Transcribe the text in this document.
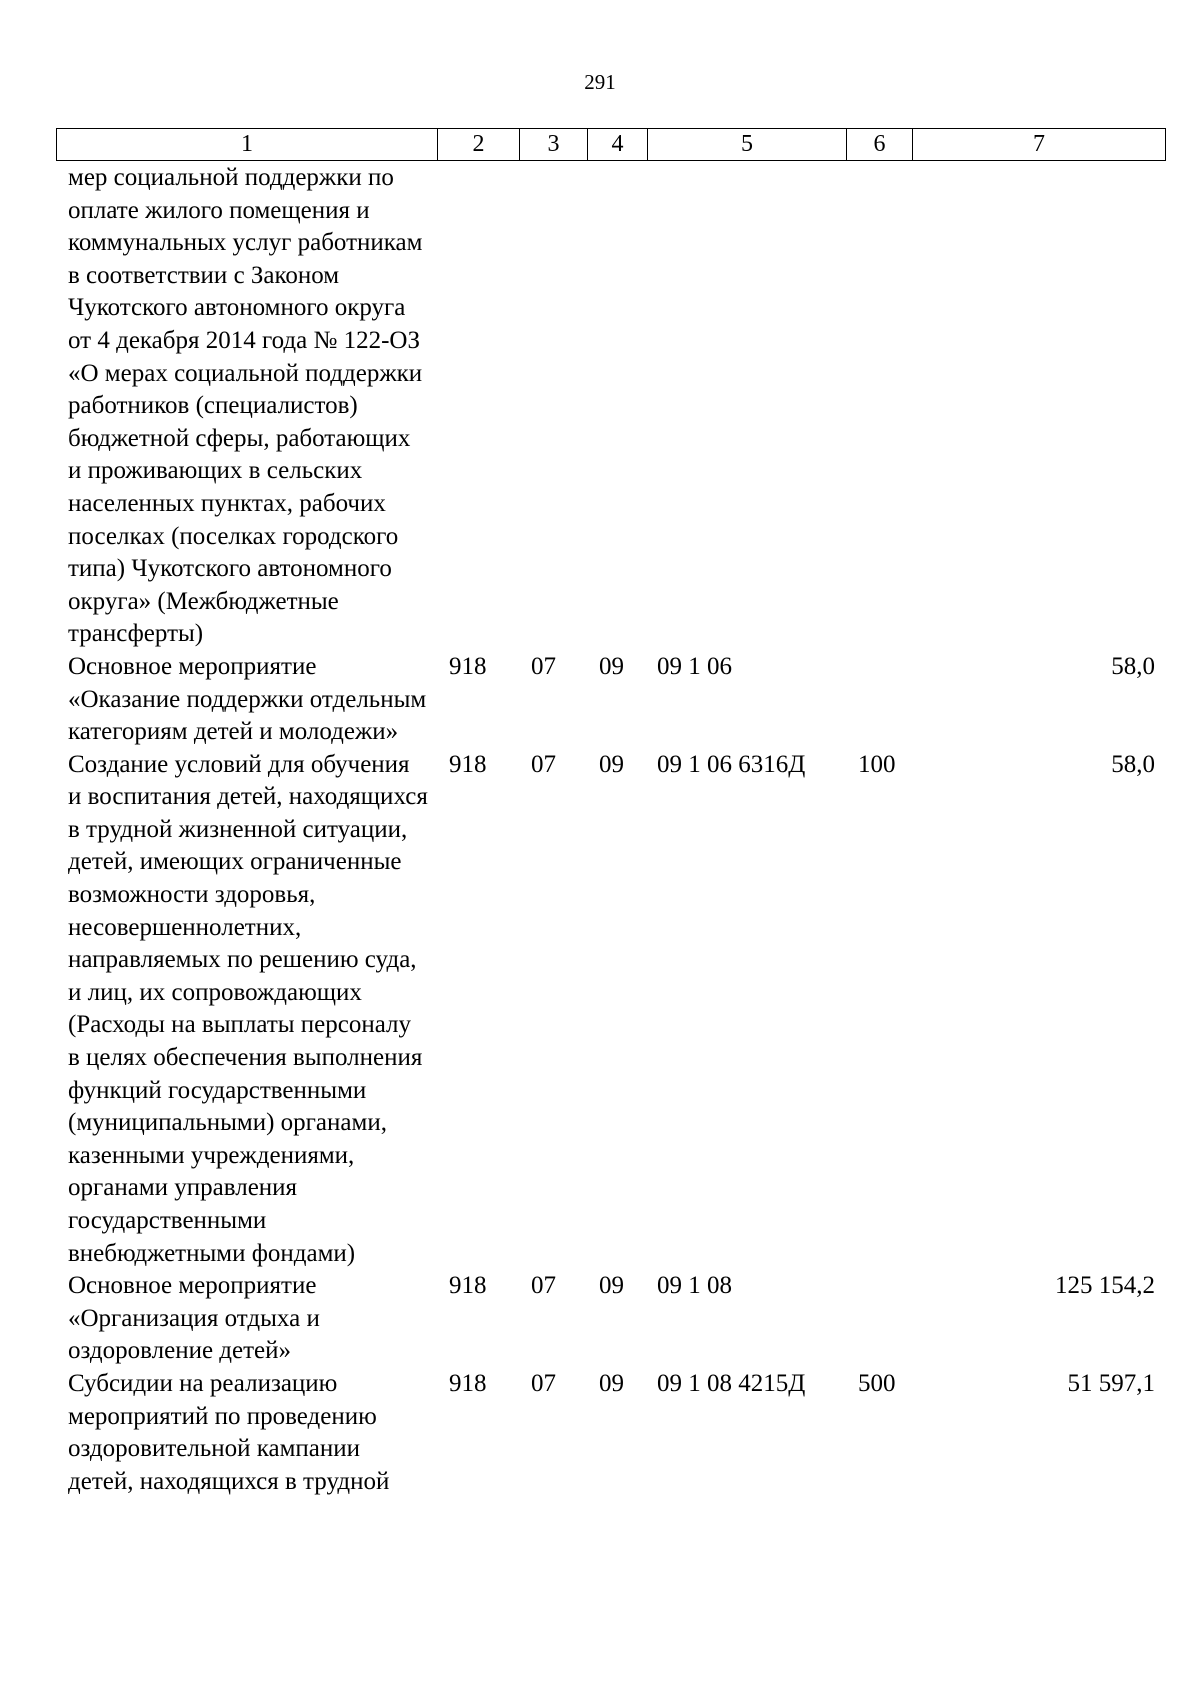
291
1	2	3	4	5	6	7
мер социальной поддержки по оплате жилого помещения и коммунальных услуг работникам в соответствии с Законом Чукотского автономного округа от 4 декабря 2014 года № 122-ОЗ «О мерах социальной поддержки работников (специалистов) бюджетной сферы, работающих и проживающих в сельских населенных пунктах, рабочих поселках (поселках городского типа) Чукотского автономного округа» (Межбюджетные трансферты)						
Основное мероприятие «Оказание поддержки отдельным категориям детей и молодежи»	918	07	09	09 1 06		58,0
Создание условий для обучения и воспитания детей, находящихся в трудной жизненной ситуации, детей, имеющих ограниченные возможности здоровья, несовершеннолетних, направляемых по решению суда, и лиц, их сопровождающих (Расходы на выплаты персоналу в целях обеспечения выполнения функций государственными (муниципальными) органами, казенными учреждениями, органами управления государственными внебюджетными фондами)	918	07	09	09 1 06 6316Д	100	58,0
Основное мероприятие «Организация отдыха и оздоровление детей»	918	07	09	09 1 08		125 154,2
Субсидии на реализацию мероприятий по проведению оздоровительной кампании детей, находящихся в трудной	918	07	09	09 1 08 4215Д	500	51 597,1
